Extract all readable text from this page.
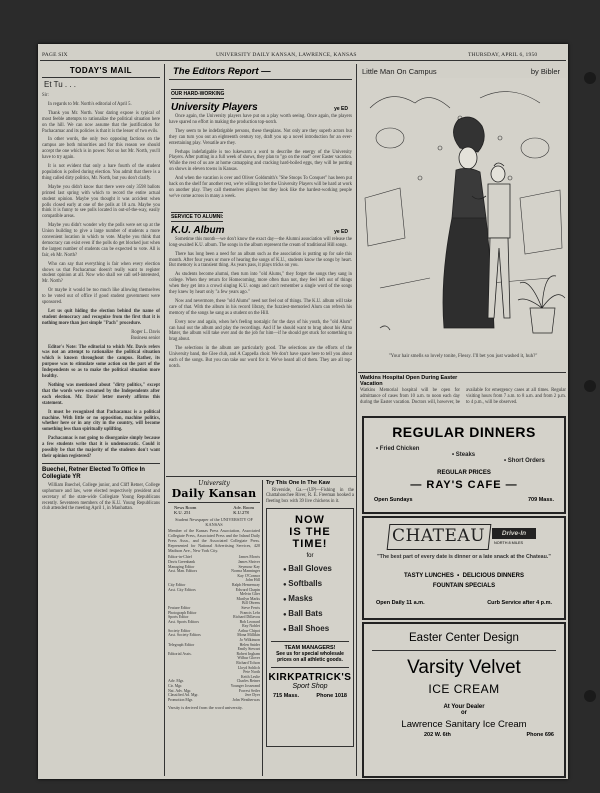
PAGE SIX	UNIVERSITY DAILY KANSAN, LAWRENCE, KANSAS	THURSDAY, APRIL 6, 1950
TODAY'S MAIL
Et Tu . . .

Sir:

In regards to Mr. North's editorial of April 5.

Thank you Mr. North. Your daring expose is typical of most feeble attempts to rationalize the political situation here on the hill. We can now assume that the justification for Pachacamac and its policies is that it is the lesser of two evils.

In other words, the only two opposing factions on the campus are both minorities and for this reason we should accept the one which is in power. Not so hot Mr. North, you'll have to try again.

It is not evident that only a bare fourth of the student population is polled during election. You admit that there is a thing called dirty politics, Mr. North, but you don't clarify.

Maybe you didn't know that there were only 3598 ballots printed last spring with which to record the entire actual student opinion. Maybe you thought it was accident when polls closed early at one of the polls at 10 a.m. Maybe you think it is funny to see polls located in out-of-the-way, easily compatible areas.

Maybe you didn't wonder why the polls were set up at the Union building to give a large number of students a more convenient location in which to vote. Maybe you think that democracy can exist even if the polls do get blocked just when the largest number of students can be expected to vote. All is fair, eh Mr. North?

Who can say that everything is fair when every election shows us that Pachacamac doesn't really want to register student opinion at all. Now who shall we call self-interested, Mr. North?

Or maybe it would be too much like allowing themselves to be voted out of office if good student government were sponsored.

Let us quit hiding the election behind the name of student democracy and recognize from the first that it is nothing more than just simple "Pach" procedure.

Roger L. Davis

Business senior

Editor's Note: The editorial to which Mr. Davis refers was not an attempt to rationalize the political situation which is known throughout the campus. Rather, its purpose was to stimulate some action on the part of the Independents so as to make the political situation more healthy.

Nothing was mentioned about "dirty politics," except that the words were screamed by the Independents after each election. Mr. Davis' letter merely affirms this statement.

It must be recognized that Pachacamac is a political machine. With little or no opposition, machine politics, whether here or in any city in the country, will become something less than spiritually uplifting.

Pachacamac is not going to disorganize simply because a few students write that it is undemocratic. Could it possibly be that the majority of the students don't want their opinion registered?

Buechel, Retner Elected To Office In Collegiate YR

William Buechel, College junior, and Cliff Retner, College sophomore and law, were elected respectively president and secretary of the state-wide Collegiate Young Republicans recently. Seventeen members of the K.U. Young Republicans club attended the meeting April 1, in Manhattan.

The Editors Report —
OUR HARD-WORKING
University Players	ye ED

Once again, the University players have put on a play worth seeing. Once again, the players have spared no effort in making the production top-notch.

They seem to be indefatigable persons, these thespians. Not only are they superb actors but they can turn you out an eighteenth century toy, draft you up a novel introduction for an ever-entertaining play. Versatile are they.

Perhaps indefatigable is too lukewarm a word to describe the energy of the University Players. After putting in a full week of shows, they plan to "go on the road" over Easter vacation. While the rest of us are at home catnapping and cracking hard-boiled eggs, they will be putting on shows in eleven towns in Kansas.

And when the vacation is over and Oliver Goldsmith's "She Stoops To Conquer" has been put back on the shelf for another rest, we're willing to bet the University Players will be hard at work on another play. They call themselves players but they look like the hardest-working people we've come across in many a week.

SERVICE TO ALUMNI:
K.U. Album	ye ED

Sometime this month—we don't know the exact day—the Alumni association will release the long-awaited K.U. album. The songs in the album represent the cream of traditional Hill songs.

There has long been a need for an album such as the association is putting up for sale this month. After four years or more of hearing the songs of K.U., students know the songs by heart. But memory is a transient thing. As years pass, it plays tricks on you.

As students become alumni, then turn into "old Alums," they forget the songs they sang in college. When they return for Homecoming, more often than not, they feel left out of things when they get into a crowd singing K.U. songs and can't remember a single word of the songs they knew by heart only "a few years ago."

Now and nevermore, these "old Alums" need not feel out of things. The K.U. album will take care of that. With the album in his record library, the fuzziest-memoried Alum can refresh his memory of the songs he sang as a student on the Hill.

Every now and again, when he's feeling nostalgic for the days of his youth, the "old Alum" can haul out the album and play the recordings. And if he should want to brag about his Alma Mater, the album will take over and do the job for him—if he should get stuck for something to brag about.

The selections in the album are particularly good. The selections are the efforts of the University band, the Glee club, and A Cappella choir. We don't have space here to tell you about each of the songs. But you can take our word for it. We've heard all of them. They are all top-notch.

University
Daily Kansan
News Room
K.U. 251
Adv. Room
K.U.278
Student Newspaper of the UNIVERSITY OF KANSAS
Member of the Kansas Press Association, Associated Collegiate Press, Associated Press and the Inland Daily Press Assn., and the Associated Collegiate Press. Represented for National Advertising Services, 420 Madison Ave., New York City.
Editor-in-Chief	James Morris
Davis Greenbank	James Shriver
Managing Editor	Seymour Kay
Asst. Man. Editors	Norma Manninger
Kay O'Connor
John Hill
City Editor	Ralph Hemenway
Asst. City Editors	Edward Chapin
Melvin Glier
Marilyn Marks
Bill Ohrens
Feature Editor	Steve Ferris
Photograph Editor	Francis Lehr
Sports Editor	Richard Dillavou
Asst. Sports Editors	Bob Leonard
Ray Noblet
Society Editor	Arthur Chipot
Asst. Society Editors	Mona Millikin
Jo Wilkinson
Telegraph Editor	Helen Snider
Emily Stewart
Editorial Assts.	Robert Ingham
Wilbur Glover
Richard Tolson
Lloyd Sohlich
Pete North
Keith Leslie
Adv. Mgr.	Charles Reiner
Cir. Mgr.	Younger Josserand
Nat. Adv. Mgr.	Forrest Seiler
Classified Ad. Mgr.	Jere Dyer
Promotion Mgr.	John Weatherwax
Varsity is derived from the word university.
Try This One In The Kaw

Riverside, Ga.—(UP)—Fishing in the Chattahoochee River, R. E. Freeman hooked a fleeting box with 39 live chickens in it.

NOW
IS THE
TIME!
for
● Ball Gloves
● Softballs
● Masks
● Ball Bats
● Ball Shoes
TEAM MANAGERS!
See us for special wholesale prices on all athletic goods.
KIRKPATRICK'S
Sport Shop
715 Mass.	Phone 1018
Little Man On Campus	by Bibler
"Your hair smells so lovely tonite, Flessy. I'll bet you just washed it, huh?"
Watkins Hospital Open During Easter Vacation
Watkins Memorial hospital will be open for admittance of cases from 10 a.m. to noon each day during the Easter vacation. Doctors will, however, be available for emergency cases at all times. Regular visiting hours from 7 a.m. to 8 a.m. and from 2 p.m. to 4 p.m., will be observed.
REGULAR DINNERS
• Fried Chicken
• Steaks
• Short Orders
REGULAR PRICES
— RAY'S CAFE —
Open Sundays	709 Mass.
CHATEAU	Drive-In
NORTH 8 MILES
"The best part of every date is dinner or a late snack at the Chateau."
TASTY LUNCHES  •  DELICIOUS DINNERS
FOUNTAIN SPECIALS
Open Daily 11 a.m.	Curb Service after 4 p.m.
Easter Center Design
Varsity Velvet
ICE CREAM
At Your Dealer
or
Lawrence Sanitary Ice Cream
202 W. 6th	Phone 696
